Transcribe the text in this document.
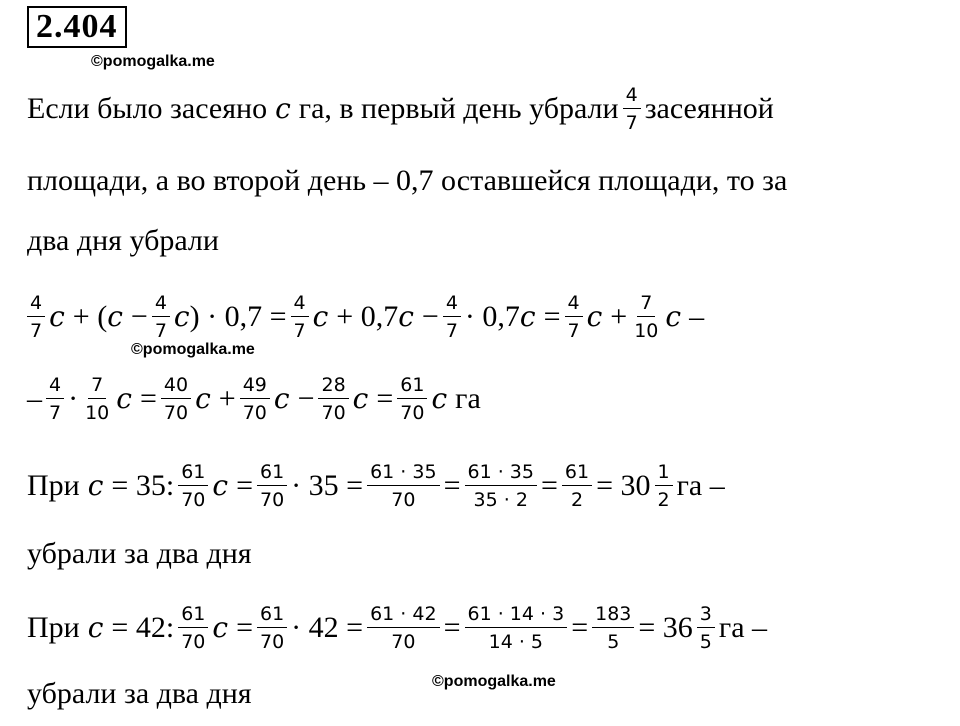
2.404
©pomogalka.me
©pomogalka.me
©pomogalka.me
Если было засеяно c га, в первый день убрали $\frac{4}{7}$ засеянной
площади, а во второй день – 0,7 оставшейся площади, то за
два дня убрали
$\frac{4}{7}$ c + ( $c - \frac{4}{7}$ c ) · $0,7 = \frac{4}{7}$ c + 0,7 $c - \frac{4}{7} \cdot 0,7$ $c = \frac{4}{7}$ $c + \frac{7}{10}$ c –
– $\frac{4}{7} \cdot \frac{7}{10}$ $c = \frac{40}{70}$ $c + \frac{49}{70}$ $c - \frac{28}{70}$ $c = \frac{61}{70}$ c га
При c = 35: $\frac{61}{70}$ $c = \frac{61}{70} \cdot 35 = \frac{61 \cdot 35}{70} = \frac{61 \cdot 35}{35 \cdot 2} = \frac{61}{2} = 30 \frac{1}{2}$ га –
убрали за два дня
При c = 42: $\frac{61}{70}$ $c = \frac{61}{70} \cdot 42 = \frac{61 \cdot 42}{70} = \frac{61 \cdot 14 \cdot 3}{14 \cdot 5} = \frac{183}{5} = 36 \frac{3}{5}$ га –
убрали за два дня
